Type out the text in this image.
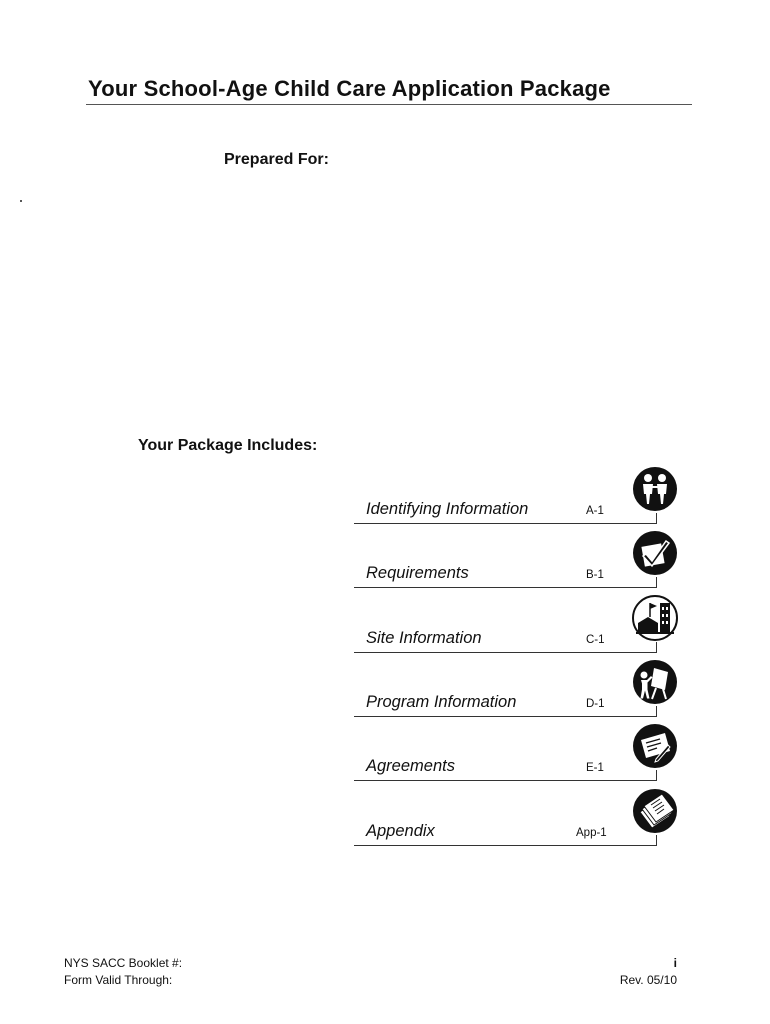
Your School-Age Child Care Application Package
Prepared For:
Your Package Includes:
Identifying Information	A-1
Requirements	B-1
Site Information	C-1
Program Information	D-1
Agreements	E-1
Appendix	App-1
NYS SACC Booklet #:
Form Valid Through:
i
Rev. 05/10
